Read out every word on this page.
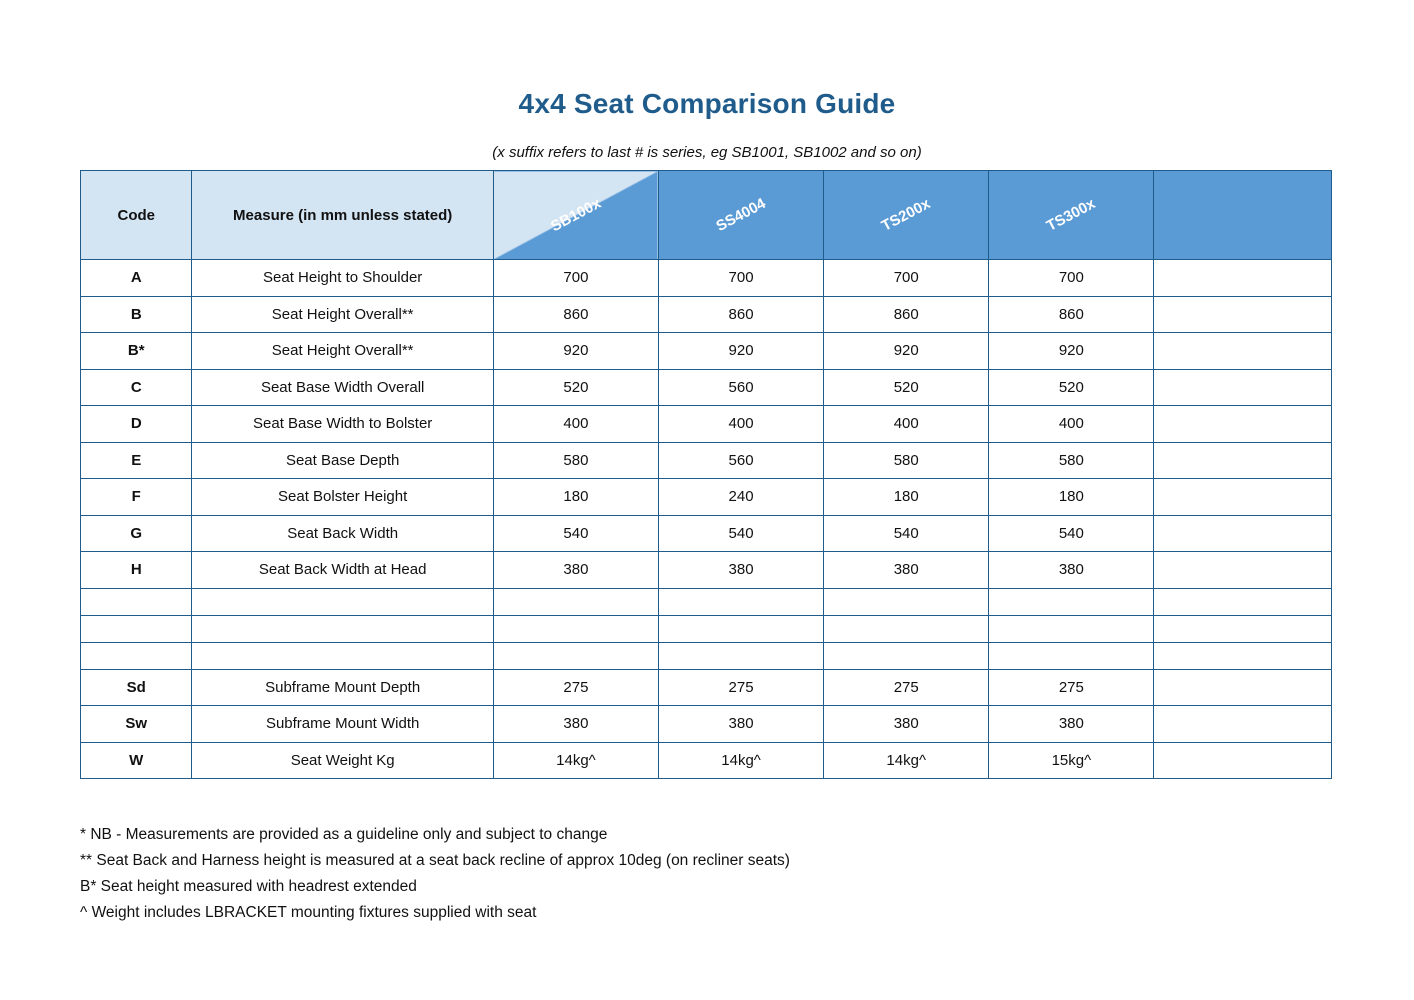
4x4 Seat Comparison Guide
(x suffix refers to last # is series, eg SB1001, SB1002 and so on)
Code	Measure (in mm unless stated)	SB100x	SS4004	TS200x	TS300x	

A	Seat Height to Shoulder	700	700	700	700	
B	Seat Height Overall**	860	860	860	860	
B*	Seat Height Overall**	920	920	920	920	
C	Seat Base Width Overall	520	560	520	520	
D	Seat Base Width to Bolster	400	400	400	400	
E	Seat Base Depth	580	560	580	580	
F	Seat Bolster Height	180	240	180	180	
G	Seat Back Width	540	540	540	540	
H	Seat Back Width at Head	380	380	380	380	

Sd	Subframe Mount Depth	275	275	275	275	
Sw	Subframe Mount Width	380	380	380	380	
W	Seat Weight Kg	14kg^	14kg^	14kg^	15kg^	
* NB - Measurements are provided as a guideline only and subject to change
** Seat Back and Harness height is measured at a seat back recline of approx 10deg (on recliner seats)
B* Seat height measured with headrest extended
^ Weight includes LBRACKET mounting fixtures supplied with seat
